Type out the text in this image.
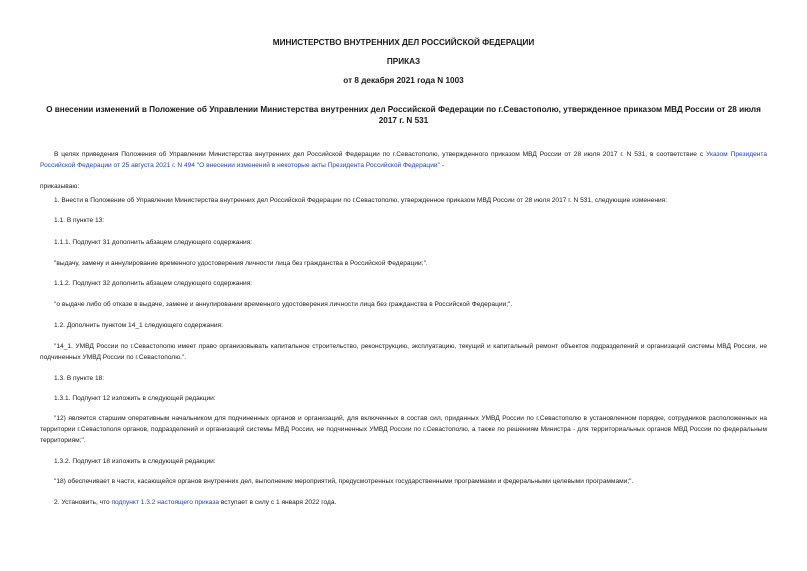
МИНИСТЕРСТВО ВНУТРЕННИХ ДЕЛ РОССИЙСКОЙ ФЕДЕРАЦИИ

ПРИКАЗ

от 8 декабря 2021 года N 1003

О внесении изменений в Положение об Управлении Министерства внутренних дел Российской Федерации по г.Севастополю, утвержденное приказом МВД России от 28 июля 2017 г. N 531

В целях приведения Положения об Управлении Министерства внутренних дел Российской Федерации по г.Севастополю, утвержденного приказом МВД России от 28 июля 2017 г. N 531, в соответствие с Указом Президента Российской Федерации от 25 августа 2021 г. N 494 "О внесении изменений в некоторые акты Президента Российской Федерации" -

приказываю:

1. Внести в Положение об Управлении Министерства внутренних дел Российской Федерации по г.Севастополю, утвержденное приказом МВД России от 28 июля 2017 г. N 531, следующие изменения:

1.1. В пункте 13:

1.1.1. Подпункт 31 дополнить абзацем следующего содержания:

"выдачу, замену и аннулирование временного удостоверения личности лица без гражданства в Российской Федерации;".

1.1.2. Подпункт 32 дополнить абзацем следующего содержания:

"о выдаче либо об отказе в выдаче, замене и аннулировании временного удостоверения личности лица без гражданства в Российской Федерации;".

1.2. Дополнить пунктом 14_1 следующего содержания:

"14_1. УМВД России по г.Севастополю имеет право организовывать капитальное строительство, реконструкцию, эксплуатацию, текущий и капитальный ремонт объектов подразделений и организаций системы МВД России, не подчиненных УМВД России по г.Севастополю.".

1.3. В пункте 18:

1.3.1. Подпункт 12 изложить в следующей редакции:

"12) является старшим оперативным начальником для подчиненных органов и организаций, для включенных в состав сил, приданных УМВД России по г.Севастополю в установленном порядке, сотрудников расположенных на территории г.Севастополя органов, подразделений и организаций системы МВД России, не подчиненных УМВД России по г.Севастополю, а также по решениям Министра - для территориальных органов МВД России по федеральным территориям;".

1.3.2. Подпункт 18 изложить в следующей редакции:

"18) обеспечивает в части, касающейся органов внутренних дел, выполнение мероприятий, предусмотренных государственными программами и федеральными целевыми программами;".

2. Установить, что подпункт 1.3.2 настоящего приказа вступает в силу с 1 января 2022 года.
